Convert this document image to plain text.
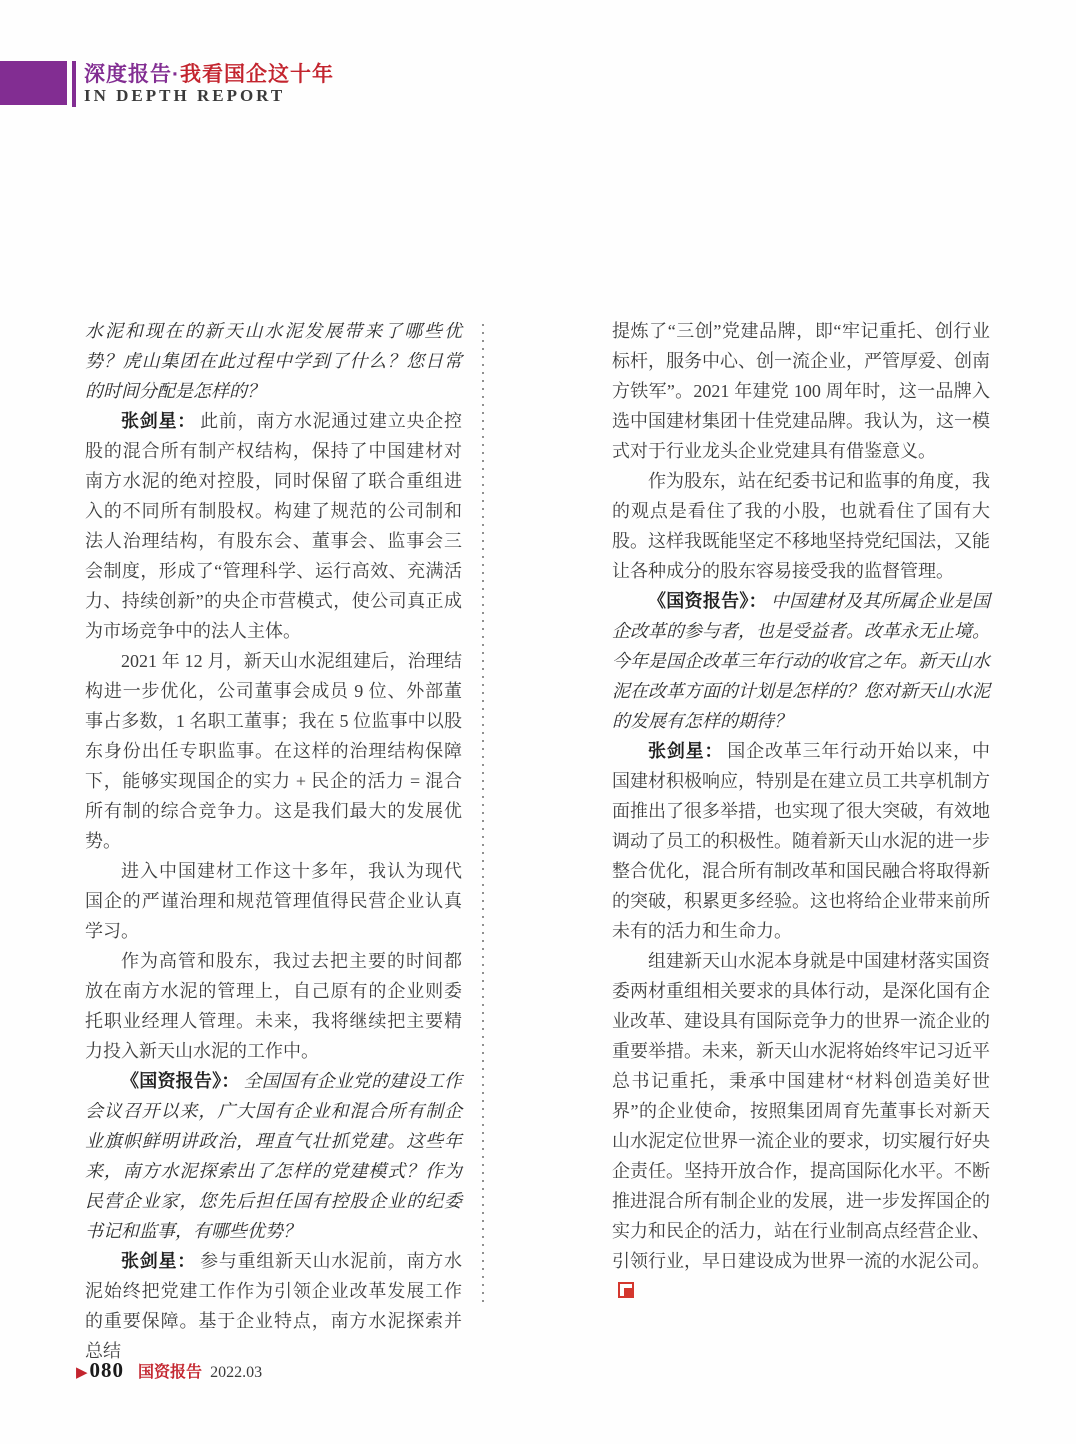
深度报告·我看国企这十年
IN DEPTH REPORT

水泥和现在的新天山水泥发展带来了哪些优势？虎山集团在此过程中学到了什么？您日常的时间分配是怎样的？

张剑星： 此前，南方水泥通过建立央企控股的混合所有制产权结构，保持了中国建材对南方水泥的绝对控股，同时保留了联合重组进入的不同所有制股权。构建了规范的公司制和法人治理结构，有股东会、董事会、监事会三会制度，形成了“管理科学、运行高效、充满活力、持续创新”的央企市营模式，使公司真正成为市场竞争中的法人主体。

2021 年 12 月，新天山水泥组建后，治理结构进一步优化，公司董事会成员 9 位、外部董事占多数，1 名职工董事；我在 5 位监事中以股东身份出任专职监事。在这样的治理结构保障下，能够实现国企的实力 + 民企的活力 = 混合所有制的综合竞争力。这是我们最大的发展优势。

进入中国建材工作这十多年，我认为现代国企的严谨治理和规范管理值得民营企业认真学习。

作为高管和股东，我过去把主要的时间都放在南方水泥的管理上，自己原有的企业则委托职业经理人管理。未来，我将继续把主要精力投入新天山水泥的工作中。

《国资报告》： 全国国有企业党的建设工作会议召开以来，广大国有企业和混合所有制企业旗帜鲜明讲政治，理直气壮抓党建。这些年来，南方水泥探索出了怎样的党建模式？作为民营企业家，您先后担任国有控股企业的纪委书记和监事，有哪些优势？

张剑星： 参与重组新天山水泥前，南方水泥始终把党建工作作为引领企业改革发展工作的重要保障。基于企业特点，南方水泥探索并总结

提炼了“三创”党建品牌，即“牢记重托、创行业标杆，服务中心、创一流企业，严管厚爱、创南方铁军”。2021 年建党 100 周年时，这一品牌入选中国建材集团十佳党建品牌。我认为，这一模式对于行业龙头企业党建具有借鉴意义。

作为股东，站在纪委书记和监事的角度，我的观点是看住了我的小股，也就看住了国有大股。这样我既能坚定不移地坚持党纪国法，又能让各种成分的股东容易接受我的监督管理。

《国资报告》： 中国建材及其所属企业是国企改革的参与者，也是受益者。改革永无止境。今年是国企改革三年行动的收官之年。新天山水泥在改革方面的计划是怎样的？您对新天山水泥的发展有怎样的期待？

张剑星： 国企改革三年行动开始以来，中国建材积极响应，特别是在建立员工共享机制方面推出了很多举措，也实现了很大突破，有效地调动了员工的积极性。随着新天山水泥的进一步整合优化，混合所有制改革和国民融合将取得新的突破，积累更多经验。这也将给企业带来前所未有的活力和生命力。

组建新天山水泥本身就是中国建材落实国资委两材重组相关要求的具体行动，是深化国有企业改革、建设具有国际竞争力的世界一流企业的重要举措。未来，新天山水泥将始终牢记习近平总书记重托，秉承中国建材“材料创造美好世界”的企业使命，按照集团周育先董事长对新天山水泥定位世界一流企业的要求，切实履行好央企责任。坚持开放合作，提高国际化水平。不断推进混合所有制企业的发展，进一步发挥国企的实力和民企的活力，站在行业制高点经营企业、引领行业，早日建设成为世界一流的水泥公司。

▶ 080 国资报告 2022.03
